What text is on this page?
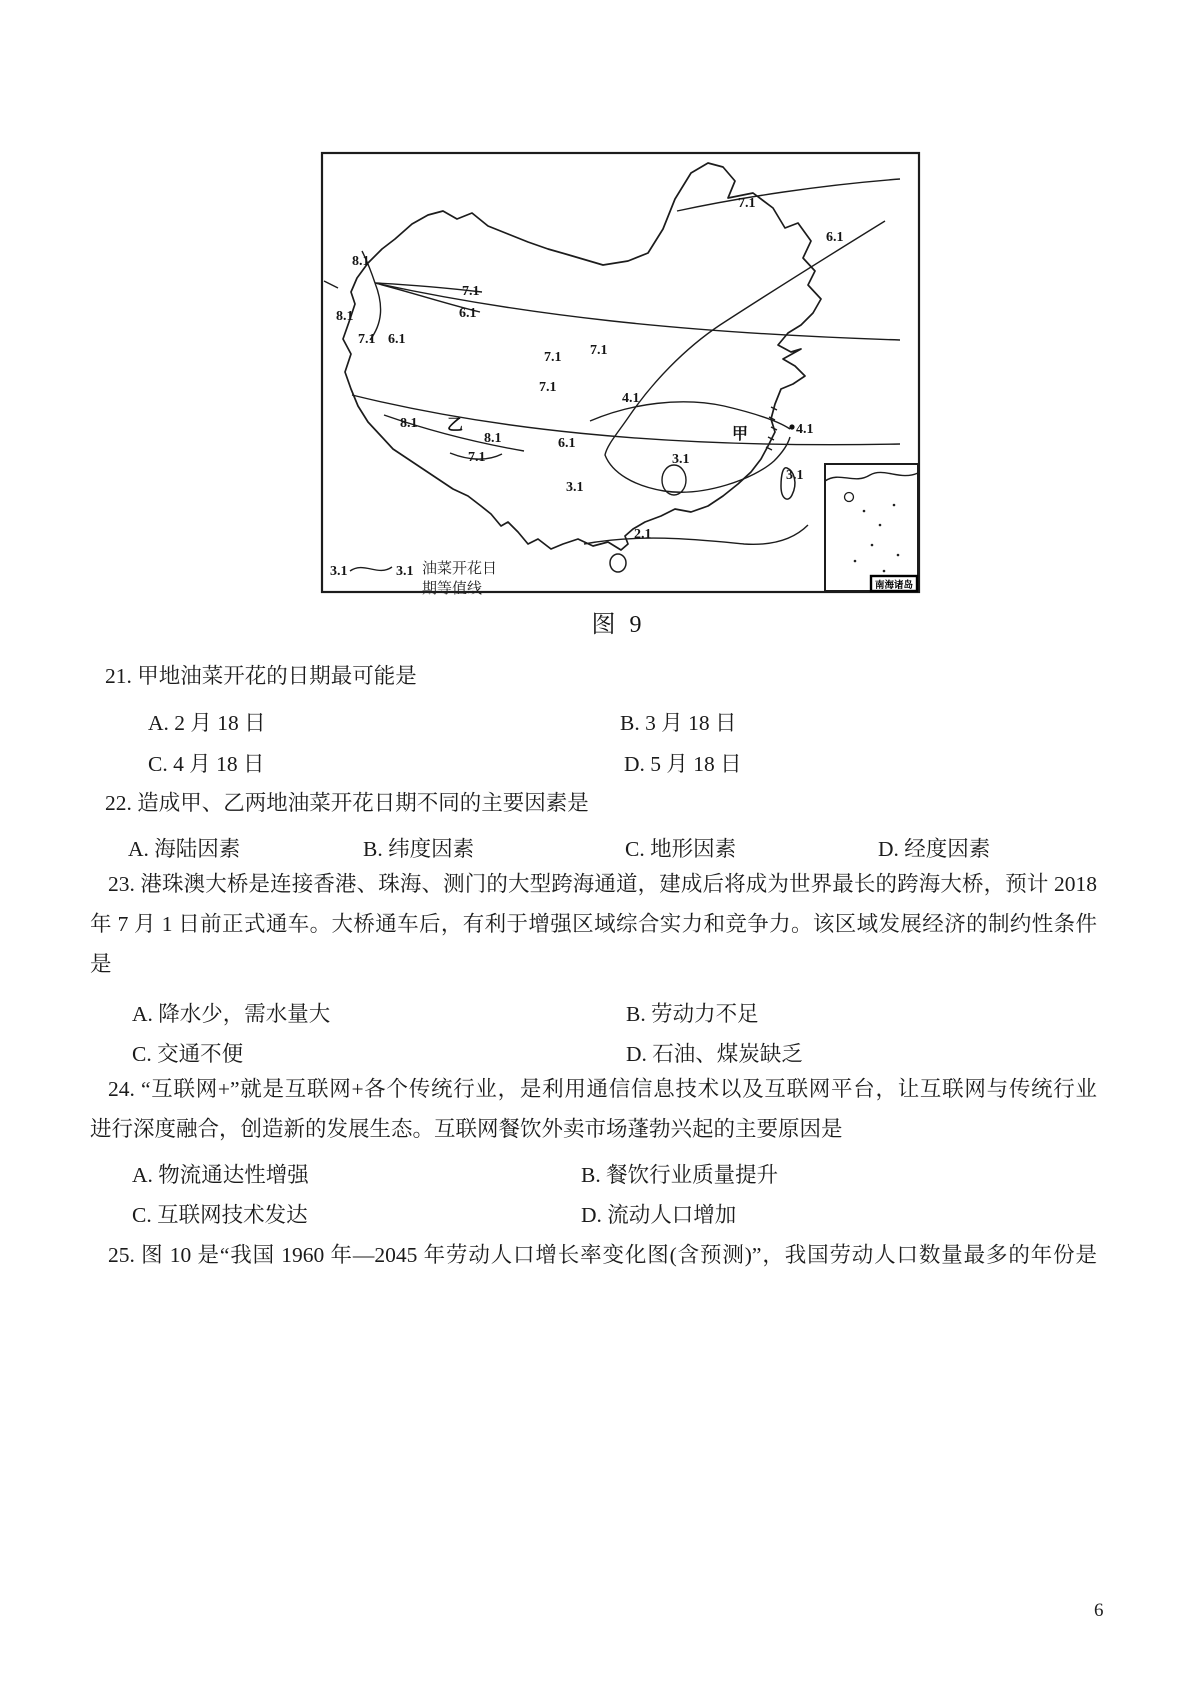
7.1
6.1
8.1
7.1
6.1
8.1
7.1 6.1
7.1 7.1
7.1
4.1
4.1
甲
8.1 乙
8.1
7.1
6.1
3.1
3.1
3.1
2.1
3.1	3.1 油菜开花日
期等值线	南海诸岛
图 9
21. 甲地油菜开花的日期最可能是
A. 2 月 18 日	B. 3 月 18 日
C. 4 月 18 日	D. 5 月 18 日
22. 造成甲、乙两地油菜开花日期不同的主要因素是
A. 海陆因素	B. 纬度因素	C. 地形因素	D. 经度因素
23. 港珠澳大桥是连接香港、珠海、测门的大型跨海通道，建成后将成为世界最长的跨海大桥，预计 2018
年 7 月 1 日前正式通车。大桥通车后，有利于增强区域综合实力和竞争力。该区域发展经济的制约性条件
是
A. 降水少，需水量大	B. 劳动力不足
C. 交通不便	D. 石油、煤炭缺乏
24. “互联网+”就是互联网+各个传统行业，是利用通信信息技术以及互联网平台，让互联网与传统行业
进行深度融合，创造新的发展生态。互联网餐饮外卖市场蓬勃兴起的主要原因是
A. 物流通达性增强	B. 餐饮行业质量提升
C. 互联网技术发达	D. 流动人口增加
25. 图 10 是“我国 1960 年—2045 年劳动人口增长率变化图(含预测)”，我国劳动人口数量最多的年份是
6
